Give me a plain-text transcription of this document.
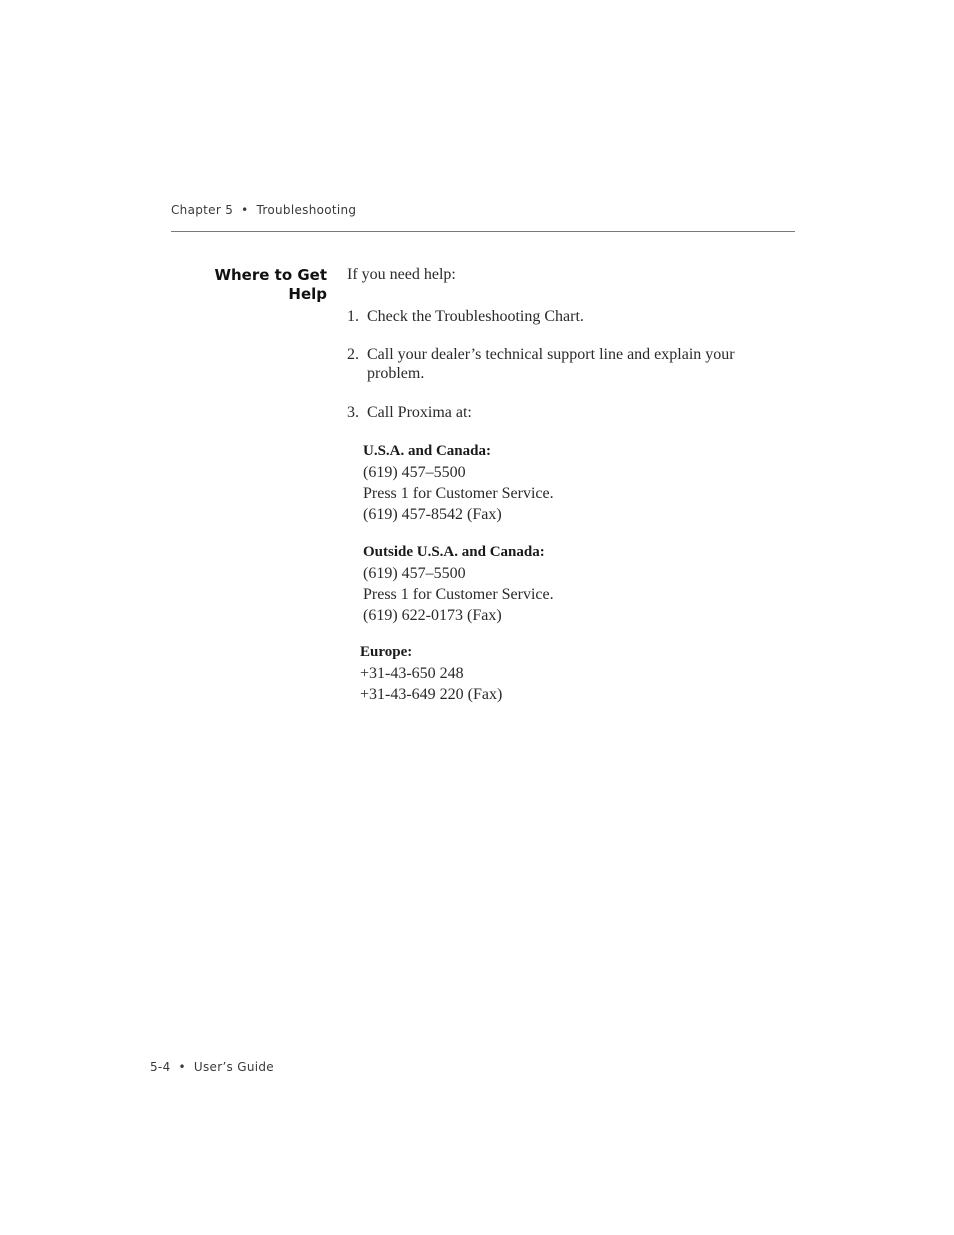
Chapter 5 • Troubleshooting
Where to Get
Help
If you need help:
1. Check the Troubleshooting Chart.
2. Call your dealer’s technical support line and explain your problem.
3. Call Proxima at:
U.S.A. and Canada:
(619) 457–5500
Press 1 for Customer Service.
(619) 457-8542 (Fax)
Outside U.S.A. and Canada:
(619) 457–5500
Press 1 for Customer Service.
(619) 622-0173 (Fax)
Europe:
+31-43-650 248
+31-43-649 220 (Fax)
5-4 • User’s Guide
